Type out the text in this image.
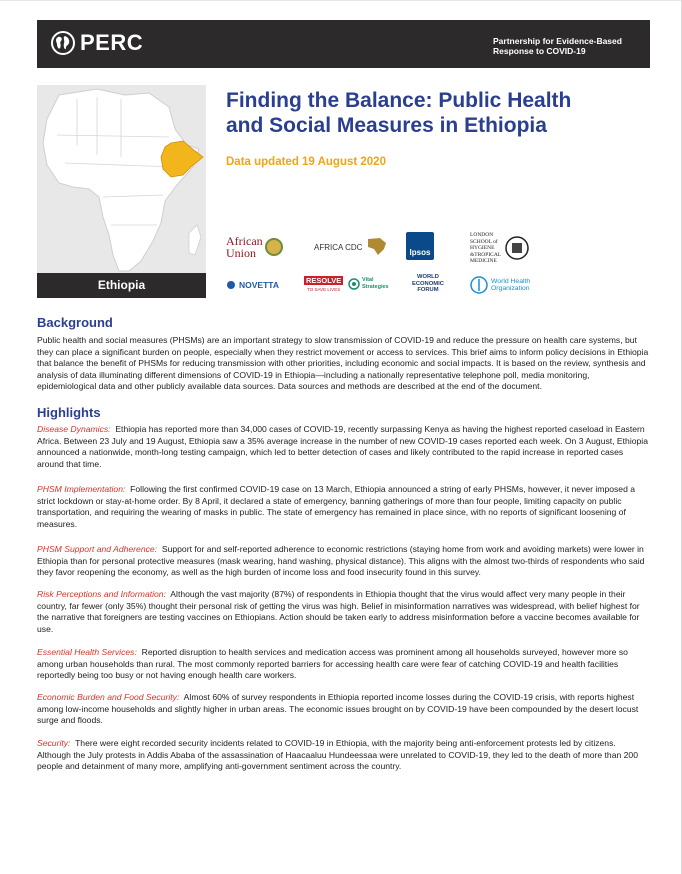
PERC	Partnership for Evidence-Based
Response to COVID-19
Ethiopia
Finding the Balance: Public Health
and Social Measures in Ethiopia
Data updated 19 August 2020
African
Union	AFRICA CDC
Ipsos
LONDON
SCHOOL of
HYGIENE
&TROPICAL
MEDICINE
NOVETTA	RESOLVE
TO SAVE LIVES
Vital
Strategies
WORLD
ECONOMIC
FORUM
World Health
Organization
Background

Public health and social measures (PHSMs) are an important strategy to slow transmission of COVID-19 and reduce the pressure on health care systems, but they can place a significant burden on people, especially when they restrict movement or access to services. This brief aims to inform policy decisions in Ethiopia that balance the benefit of PHSMs for reducing transmission with other priorities, including economic and social impacts. It is based on the review, synthesis and analysis of data illuminating different dimensions of COVID-19 in Ethiopia—including a nationally representative telephone poll, media monitoring, epidemiological data and other publicly available data sources. Data sources and methods are described at the end of the document.

Highlights

Disease Dynamics: Ethiopia has reported more than 34,000 cases of COVID-19, recently surpassing Kenya as having the highest reported caseload in Eastern Africa. Between 23 July and 19 August, Ethiopia saw a 35% average increase in the number of new COVID-19 cases reported each week. On 3 August, Ethiopia announced a nationwide, month-long testing campaign, which led to better detection of cases and likely contributed to the rapid increase in reported cases around that time.

PHSM Implementation: Following the first confirmed COVID-19 case on 13 March, Ethiopia announced a string of early PHSMs, however, it never imposed a strict lockdown or stay-at-home order. By 8 April, it declared a state of emergency, banning gatherings of more than four people, limiting capacity on public transportation, and requiring the wearing of masks in public. The state of emergency has remained in place since, with no reports of significant loosening of measures.

PHSM Support and Adherence: Support for and self-reported adherence to economic restrictions (staying home from work and avoiding markets) were lower in Ethiopia than for personal protective measures (mask wearing, hand washing, physical distance). This aligns with the almost two-thirds of respondents who said they favor reopening the economy, as well as the high burden of income loss and food insecurity found in this survey.

Risk Perceptions and Information: Although the vast majority (87%) of respondents in Ethiopia thought that the virus would affect very many people in their country, far fewer (only 35%) thought their personal risk of getting the virus was high. Belief in misinformation narratives was widespread, with belief highest for the narrative that foreigners are testing vaccines on Ethiopians. Action should be taken early to address misinformation before a vaccine becomes available for use.

Essential Health Services: Reported disruption to health services and medication access was prominent among all households surveyed, however more so among urban households than rural. The most commonly reported barriers for accessing health care were fear of catching COVID-19 and health facilities reportedly being too busy or not having enough health care workers.

Economic Burden and Food Security: Almost 60% of survey respondents in Ethiopia reported income losses during the COVID-19 crisis, with reports highest among low-income households and slightly higher in urban areas. The economic issues brought on by COVID-19 have been compounded by the desert locust surge and floods.

Security: There were eight recorded security incidents related to COVID-19 in Ethiopia, with the majority being anti-enforcement protests led by citizens. Although the July protests in Addis Ababa of the assassination of Haacaaluu Hundeessaa were unrelated to COVID-19, they led to the death of more than 200 people and detainment of many more, amplifying anti-government sentiment across the country.
